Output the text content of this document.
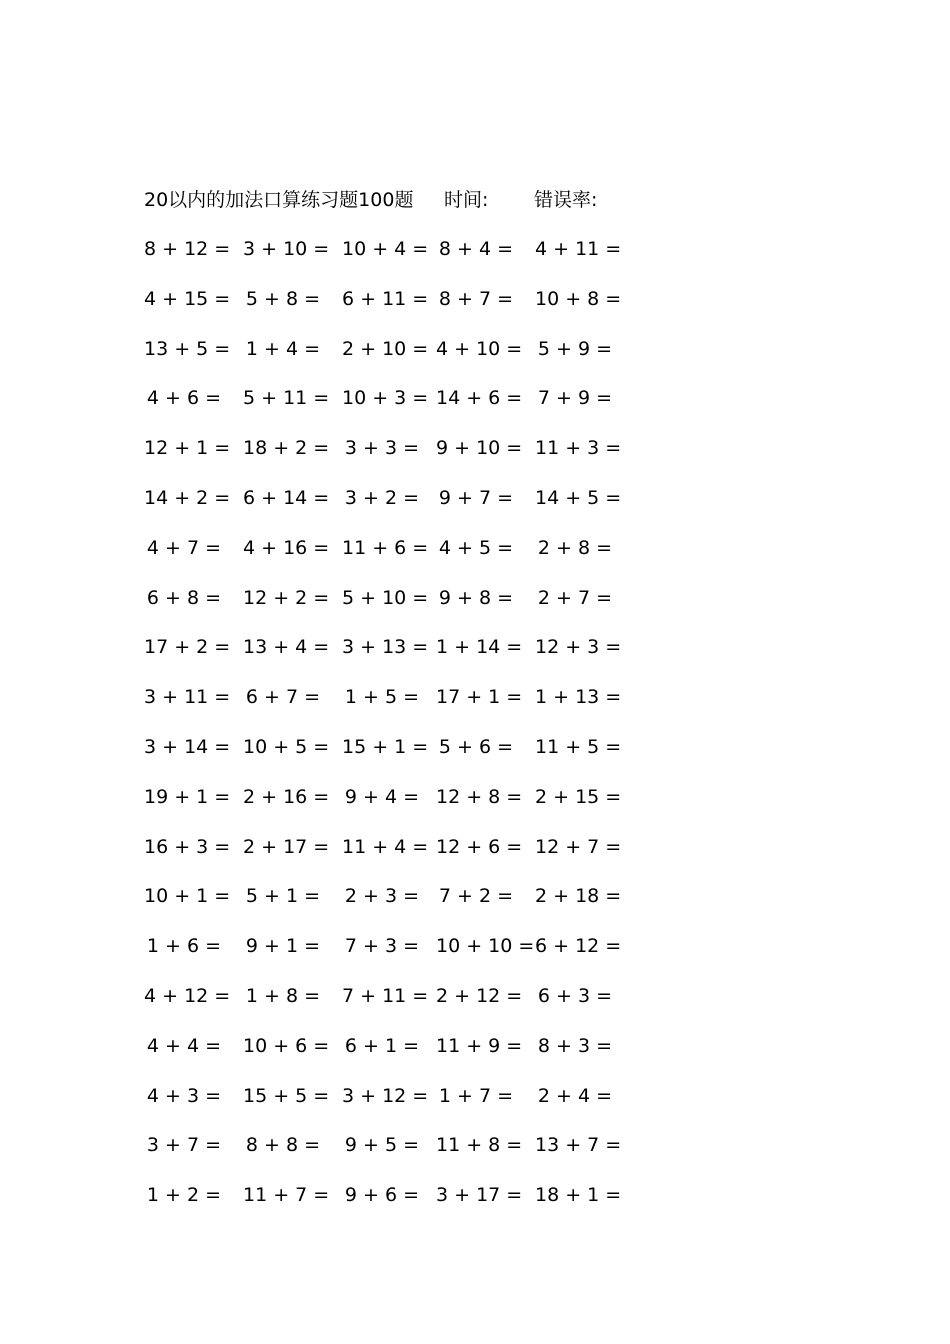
20以内的加法口算练习题100题 时间: 错误率:
8 + 12 = 3 + 10 = 10 + 4 = 8 + 4 = 4 + 11 =
4 + 15 = 5 + 8 = 6 + 11 = 8 + 7 = 10 + 8 =
13 + 5 = 1 + 4 = 2 + 10 = 4 + 10 = 5 + 9 =
4 + 6 = 5 + 11 = 10 + 3 = 14 + 6 = 7 + 9 =
12 + 1 = 18 + 2 = 3 + 3 = 9 + 10 = 11 + 3 =
14 + 2 = 6 + 14 = 3 + 2 = 9 + 7 = 14 + 5 =
4 + 7 = 4 + 16 = 11 + 6 = 4 + 5 = 2 + 8 =
6 + 8 = 12 + 2 = 5 + 10 = 9 + 8 = 2 + 7 =
17 + 2 = 13 + 4 = 3 + 13 = 1 + 14 = 12 + 3 =
3 + 11 = 6 + 7 = 1 + 5 = 17 + 1 = 1 + 13 =
3 + 14 = 10 + 5 = 15 + 1 = 5 + 6 = 11 + 5 =
19 + 1 = 2 + 16 = 9 + 4 = 12 + 8 = 2 + 15 =
16 + 3 = 2 + 17 = 11 + 4 = 12 + 6 = 12 + 7 =
10 + 1 = 5 + 1 = 2 + 3 = 7 + 2 = 2 + 18 =
1 + 6 = 9 + 1 = 7 + 3 = 10 + 10 = 6 + 12 =
4 + 12 = 1 + 8 = 7 + 11 = 2 + 12 = 6 + 3 =
4 + 4 = 10 + 6 = 6 + 1 = 11 + 9 = 8 + 3 =
4 + 3 = 15 + 5 = 3 + 12 = 1 + 7 = 2 + 4 =
3 + 7 = 8 + 8 = 9 + 5 = 11 + 8 = 13 + 7 =
1 + 2 = 11 + 7 = 9 + 6 = 3 + 17 = 18 + 1 =
